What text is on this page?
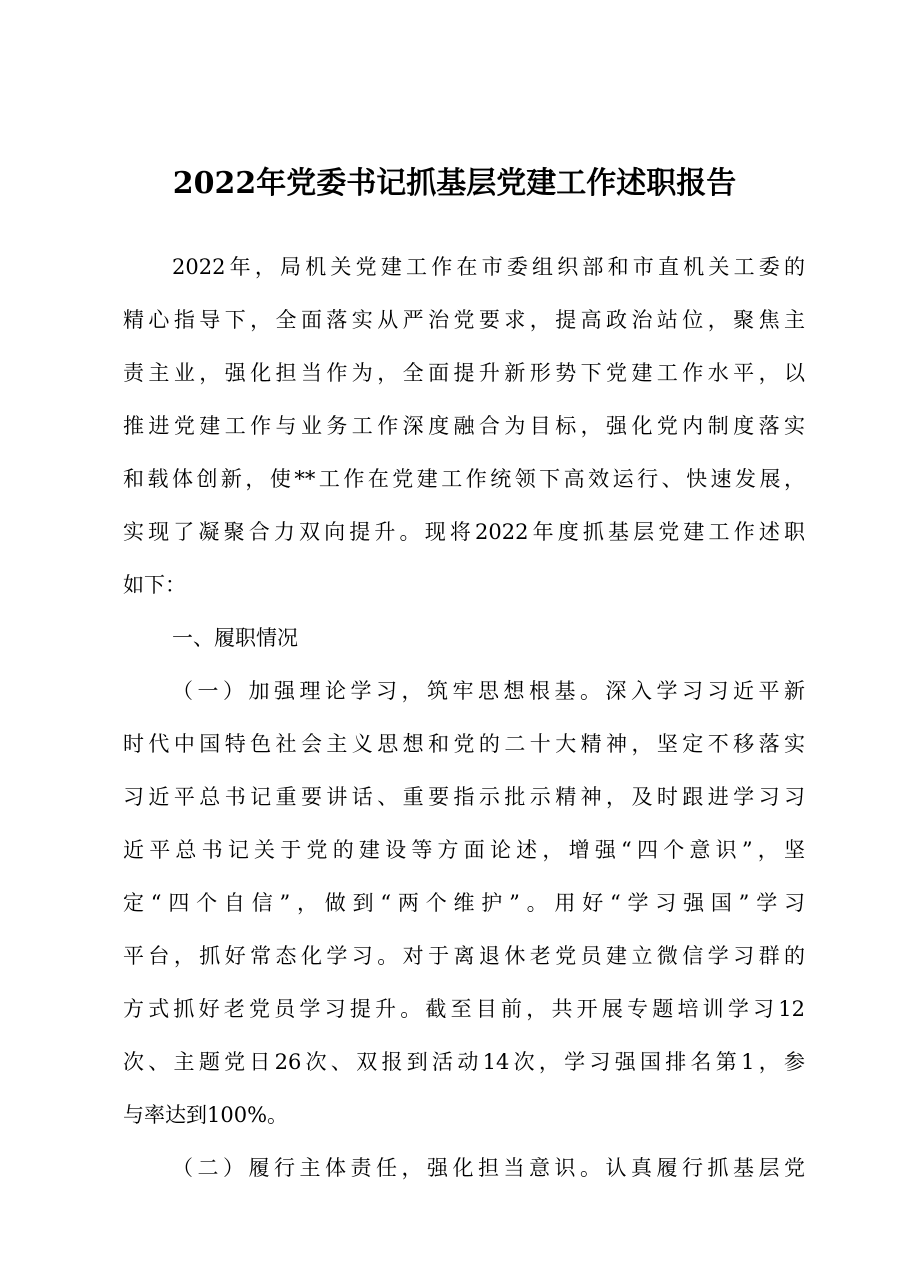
2022年党委书记抓基层党建工作述职报告
2022年，局机关党建工作在市委组织部和市直机关工委的
精心指导下，全面落实从严治党要求，提高政治站位，聚焦主
责主业，强化担当作为，全面提升新形势下党建工作水平，以
推进党建工作与业务工作深度融合为目标，强化党内制度落实
和载体创新，使**工作在党建工作统领下高效运行、快速发展，
实现了凝聚合力双向提升。现将2022年度抓基层党建工作述职
如下：
一、履职情况
（一）加强理论学习，筑牢思想根基。深入学习习近平新
时代中国特色社会主义思想和党的二十大精神，坚定不移落实
习近平总书记重要讲话、重要指示批示精神，及时跟进学习习
近平总书记关于党的建设等方面论述，增强“四个意识”，坚
定“四个自信”，做到“两个维护”。用好“学习强国”学习
平台，抓好常态化学习。对于离退休老党员建立微信学习群的
方式抓好老党员学习提升。截至目前，共开展专题培训学习12
次、主题党日26次、双报到活动14次，学习强国排名第1，参
与率达到100%。
（二）履行主体责任，强化担当意识。认真履行抓基层党
